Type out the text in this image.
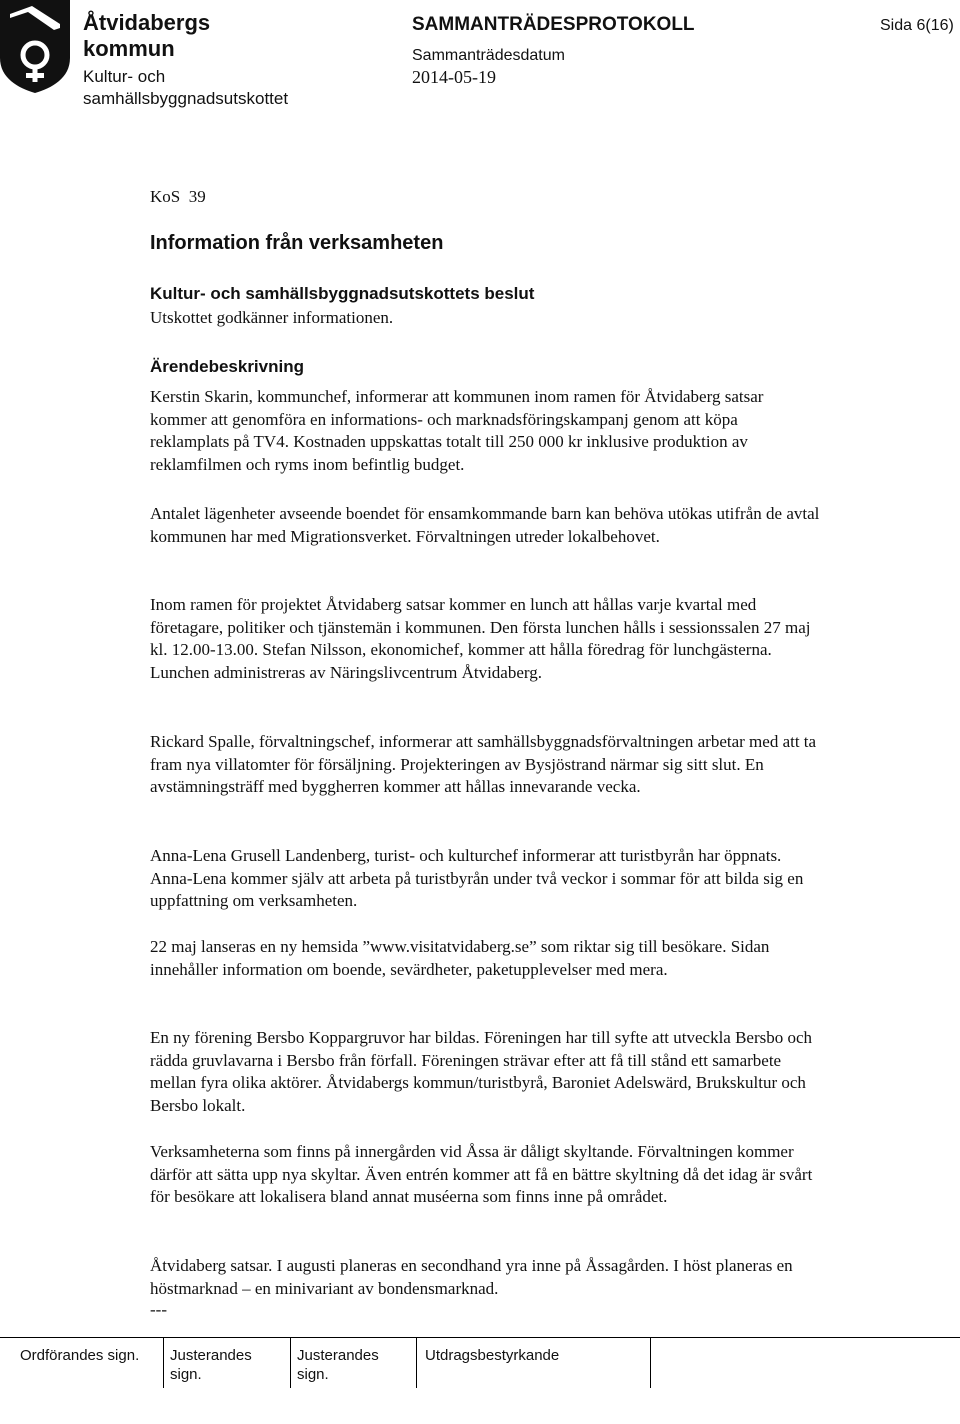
Åtvidabergs kommun
Kultur- och samhällsbyggnadsutskottet
SAMMANTRÄDESPROTOKOLL
Sammanträdesdatum
2014-05-19
Sida 6(16)
KoS  39
Information från verksamheten
Kultur- och samhällsbyggnadsutskottets beslut
Utskottet godkänner informationen.
Ärendebeskrivning

Kerstin Skarin, kommunchef, informerar att kommunen inom ramen för Åtvidaberg satsar kommer att genomföra en informations- och marknadsföringskampanj genom att köpa reklamplats på TV4. Kostnaden uppskattas totalt till 250 000 kr inklusive produktion av reklamfilmen och ryms inom befintlig budget.

Antalet lägenheter avseende boendet för ensamkommande barn kan behöva utökas utifrån de avtal kommunen har med Migrationsverket. Förvaltningen utreder lokalbehovet.

Inom ramen för projektet Åtvidaberg satsar kommer en lunch att hållas varje kvartal med företagare, politiker och tjänstemän i kommunen. Den första lunchen hålls i sessionssalen 27 maj kl. 12.00-13.00. Stefan Nilsson, ekonomichef, kommer att hålla föredrag för lunchgästerna. Lunchen administreras av Näringslivcentrum Åtvidaberg.

Rickard Spalle, förvaltningschef, informerar att samhällsbyggnadsförvaltningen arbetar med att ta fram nya villatomter för försäljning. Projekteringen av Bysjöstrand närmar sig sitt slut. En avstämningsträff med byggherren kommer att hållas innevarande vecka.

Anna-Lena Grusell Landenberg, turist- och kulturchef informerar att turistbyrån har öppnats. Anna-Lena kommer själv att arbeta på turistbyrån under två veckor i sommar för att bilda sig en uppfattning om verksamheten.

22 maj lanseras en ny hemsida ”www.visitatvidaberg.se” som riktar sig till besökare. Sidan innehåller information om boende, sevärdheter, paketupplevelser med mera.

En ny förening Bersbo Koppargruvor har bildas. Föreningen har till syfte att utveckla Bersbo och rädda gruvlavarna i Bersbo från förfall. Föreningen strävar efter att få till stånd ett samarbete mellan fyra olika aktörer. Åtvidabergs kommun/turistbyrå, Baroniet Adelswärd, Brukskultur och Bersbo lokalt.

Verksamheterna som finns på innergården vid Åssa är dåligt skyltande. Förvaltningen kommer därför att sätta upp nya skyltar. Även entrén kommer att få en bättre skyltning då det idag är svårt för besökare att lokalisera bland annat muséerna som finns inne på området.

Åtvidaberg satsar. I augusti planeras en secondhand yra inne på Åssagården. I höst planeras en höstmarknad – en minivariant av bondensmarknad.

---
Ordförandes sign.	Justerandes sign.
Justerandes sign.
Utdragsbestyrkande
